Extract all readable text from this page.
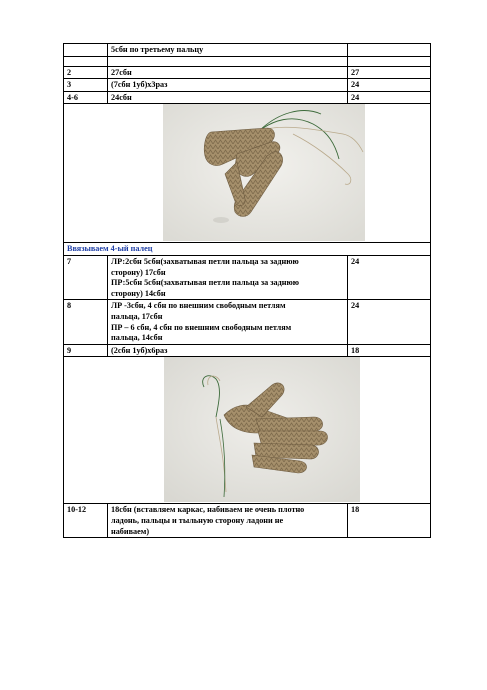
	5сбн по третьему пальцу	

2	27сбн	27
3	(7сбн 1уб)х3раз	24
4-6	24сбн	24

Ввязываем 4-ый палец		
7	ЛР:2сбн 5сбн(захватывая петли пальца за заднюю
сторону) 17сбн
ПР:5сбн 5сбн(захватывая петли пальца за заднюю
сторону) 14сбн	24
8	ЛР -3сбн, 4 сбн по внешним свободным петлям
пальца, 17сбн
ПР – 6 сбн, 4 сбн по внешним свободным петлям
пальца, 14сбн	24
9	(2сбн 1уб)х6раз	18

10-12	18сбн (вставляем каркас, набиваем не очень плотно
ладонь, пальцы и тыльную сторону ладони не
набиваем)	18
